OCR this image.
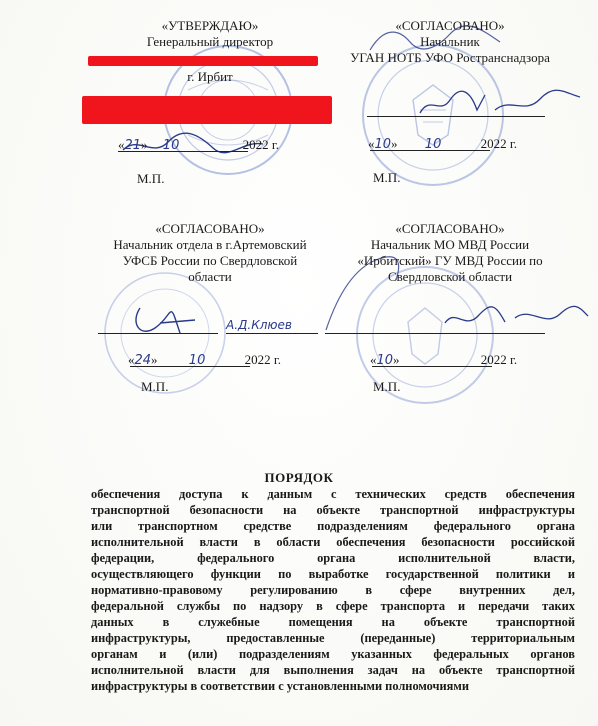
«УТВЕРЖДАЮ»
Генеральный директор
г. Ирбит
«21» 10	2022 г.
М.П.
«СОГЛАСОВАНО»
Начальник
УГАН НОТБ УФО Ространснадзора
«10» 10	2022 г.
М.П.
«СОГЛАСОВАНО»
Начальник отдела в г.Артемовский
УФСБ России по Свердловской
области
А.Д.Клюев
«24» 10	2022 г.
М.П.
«СОГЛАСОВАНО»
Начальник МО МВД России
«Ирбитский» ГУ МВД России по
Свердловской области
«10»	2022 г.
М.П.
ПОРЯДОК
обеспечения доступа к данным с технических средств обеспечения
транспортной безопасности на объекте транспортной инфраструктуры
или транспортном средстве подразделениям федерального органа
исполнительной власти в области обеспечения безопасности российской
федерации, федерального органа исполнительной власти,
осуществляющего функции по выработке государственной политики и
нормативно-правовому регулированию в сфере внутренних дел,
федеральной службы по надзору в сфере транспорта и передачи таких
данных в служебные помещения на объекте транспортной
инфраструктуры, предоставленные (переданные) территориальным
органам и (или) подразделениям указанных федеральных органов
исполнительной власти для выполнения задач на объекте транспортной
инфраструктуры в соответствии с установленными полномочиями
